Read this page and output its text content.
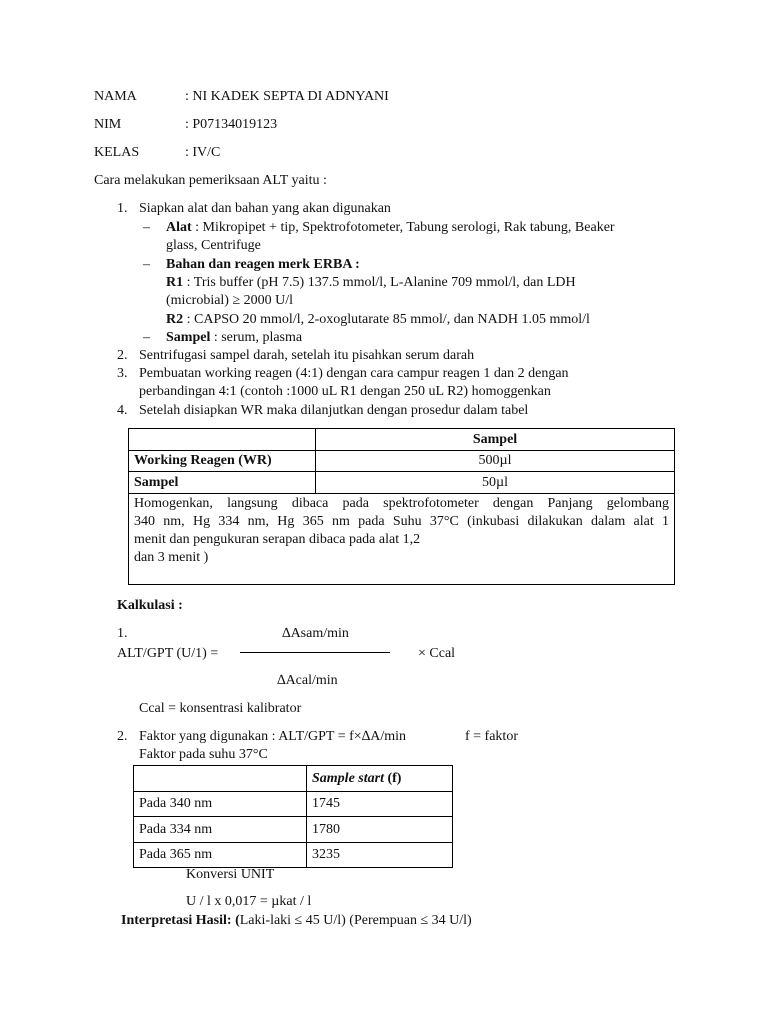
NAMA	: NI KADEK SEPTA DI ADNYANI
NIM	: P07134019123
KELAS	: IV/C
Cara melakukan pemeriksaan ALT yaitu :
1. Siapkan alat dan bahan yang akan digunakan
– Alat : Mikropipet + tip, Spektrofotometer, Tabung serologi, Rak tabung, Beaker
glass, Centrifuge
– Bahan dan reagen merk ERBA :
R1 : Tris buffer (pH 7.5) 137.5 mmol/l, L-Alanine 709 mmol/l, dan LDH
(microbial) ≥ 2000 U/l
R2 : CAPSO 20 mmol/l, 2-oxoglutarate 85 mmol/, dan NADH 1.05 mmol/l
– Sampel : serum, plasma
2. Sentrifugasi sampel darah, setelah itu pisahkan serum darah
3. Pembuatan working reagen (4:1) dengan cara campur reagen 1 dan 2 dengan
perbandingan 4:1 (contoh :1000 uL R1 dengan 250 uL R2) homoggenkan
4. Setelah disiapkan WR maka dilanjutkan dengan prosedur dalam tabel
	Sampel
Working Reagen (WR)	500µl
Sampel	50µl

Homogenkan, langsung dibaca pada spektrofotometer dengan Panjang gelombang
340 nm, Hg 334 nm, Hg 365 nm pada Suhu 37°C (inkubasi dilakukan dalam alat 1
menit dan pengukuran serapan dibaca pada alat 1,2
dan 3 menit )	
Kalkulasi :
1.	∆Asam/min
ALT/GPT (U/1) =	× Ccal
∆Acal/min
Ccal = konsentrasi kalibrator
2. Faktor yang digunakan : ALT/GPT = f×∆A/min	f = faktor
Faktor pada suhu 37°C
	Sample start (f)
Pada 340 nm	1745
Pada 334 nm	1780
Pada 365 nm	3235
Konversi UNIT
U / l x 0,017 = µkat / l
Interpretasi Hasil: (Laki-laki ≤ 45 U/l) (Perempuan ≤ 34 U/l)
